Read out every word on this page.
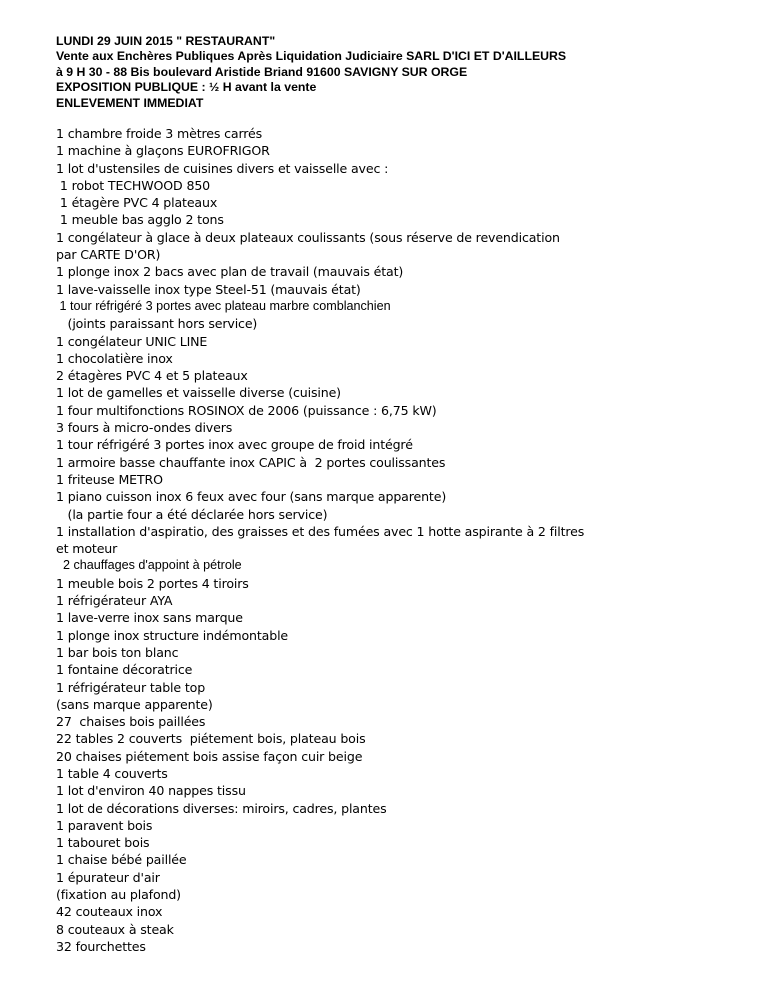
LUNDI 29 JUIN 2015 " RESTAURANT"
Vente aux Enchères Publiques Après Liquidation Judiciaire SARL D'ICI ET D'AILLEURS
à 9 H 30 - 88 Bis boulevard Aristide Briand 91600 SAVIGNY SUR ORGE
EXPOSITION PUBLIQUE : ½ H avant la vente
ENLEVEMENT IMMEDIAT
1 chambre froide 3 mètres carrés
1 machine à glaçons EUROFRIGOR
1 lot d'ustensiles de cuisines divers et vaisselle avec :
1 robot TECHWOOD 850
1 étagère PVC 4 plateaux
1 meuble bas agglo 2 tons
1 congélateur à glace à deux plateaux coulissants (sous réserve de revendication
par CARTE D'OR)
1 plonge inox 2 bacs avec plan de travail (mauvais état)
1 lave-vaisselle inox type Steel-51 (mauvais état)
1 tour réfrigéré 3 portes avec plateau marbre comblanchien
(joints paraissant hors service)
1 congélateur UNIC LINE
1 chocolatière inox
2 étagères PVC 4 et 5 plateaux
1 lot de gamelles et vaisselle diverse (cuisine)
1 four multifonctions ROSINOX de 2006 (puissance : 6,75 kW)
3 fours à micro-ondes divers
1 tour réfrigéré 3 portes inox avec groupe de froid intégré
1 armoire basse chauffante inox CAPIC à  2 portes coulissantes
1 friteuse METRO
1 piano cuisson inox 6 feux avec four (sans marque apparente)
(la partie four a été déclarée hors service)
1 installation d'aspiratio, des graisses et des fumées avec 1 hotte aspirante à 2 filtres
et moteur
2 chauffages d'appoint à pétrole
1 meuble bois 2 portes 4 tiroirs
1 réfrigérateur AYA
1 lave-verre inox sans marque
1 plonge inox structure indémontable
1 bar bois ton blanc
1 fontaine décoratrice
1 réfrigérateur table top
(sans marque apparente)
27  chaises bois paillées
22 tables 2 couverts  piétement bois, plateau bois
20 chaises piétement bois assise façon cuir beige
1 table 4 couverts
1 lot d'environ 40 nappes tissu
1 lot de décorations diverses: miroirs, cadres, plantes
1 paravent bois
1 tabouret bois
1 chaise bébé paillée
1 épurateur d'air
(fixation au plafond)
42 couteaux inox
8 couteaux à steak
32 fourchettes
